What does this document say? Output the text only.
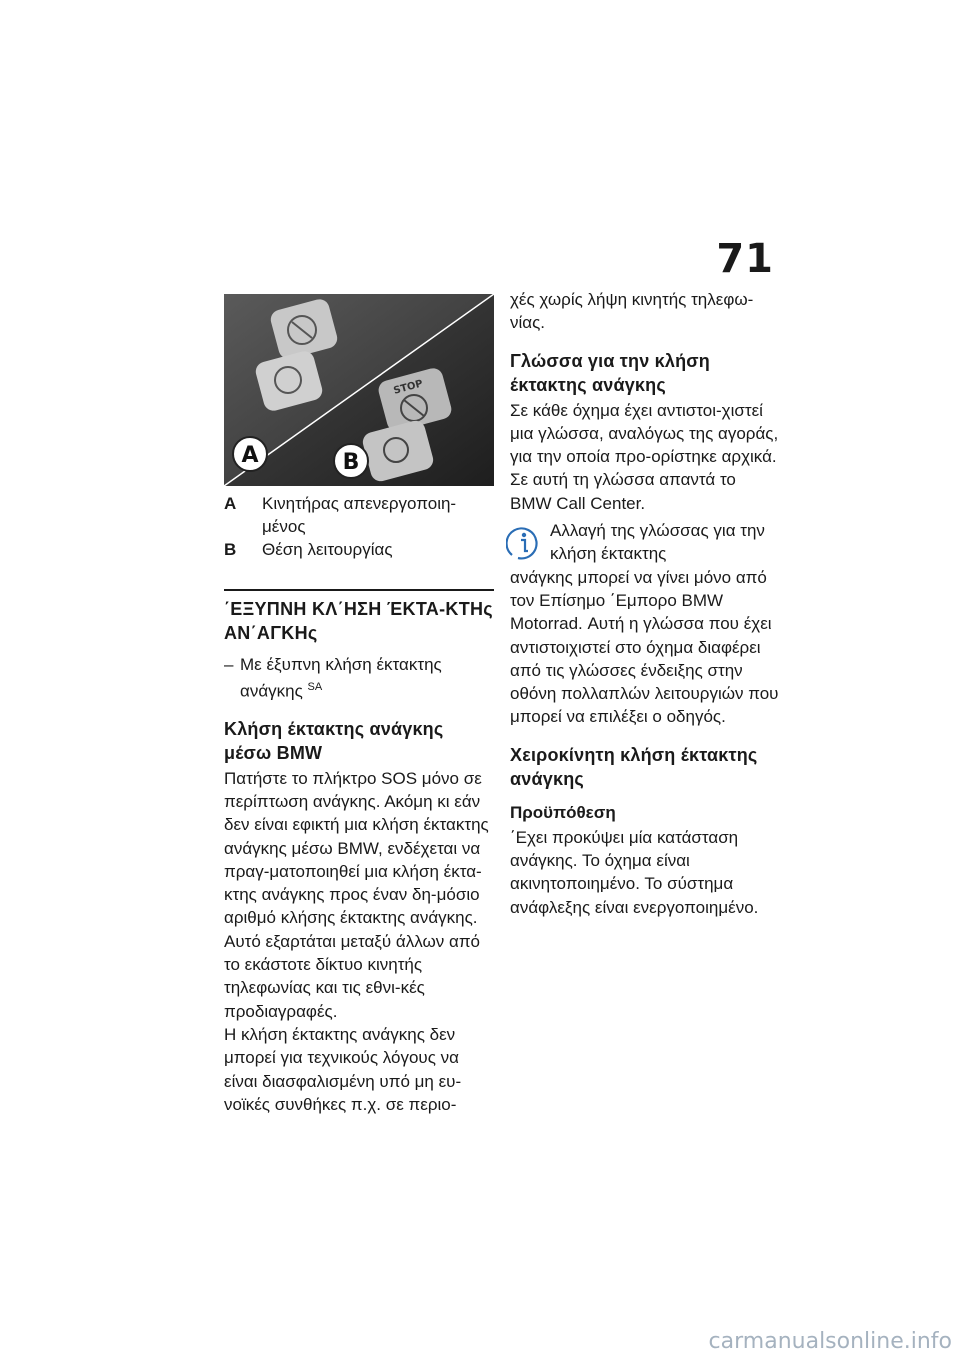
71
STOP
A	B
A	Κινητήρας απενεργοποιη-μένος
B	Θέση λειτουργίας
΄ΕΞΥΠΝΗ ΚΛ΄ΗΣΗ ΈΚΤΑ-ΚΤΗς ΑΝ΄ΑΓΚΗς
– Με έξυπνη κλήση έκτακτης ανάγκης $^{SA}$
Κλήση έκτακτης ανάγκης μέσω BMW

Πατήστε το πλήκτρο SOS μόνο σε περίπτωση ανάγκης. Ακόμη κι εάν δεν είναι εφικτή μια κλήση έκτακτης ανάγκης μέσω BMW, ενδέχεται να πραγ-ματοποιηθεί μια κλήση έκτα-κτης ανάγκης προς έναν δη-μόσιο αριθμό κλήσης έκτακτης ανάγκης. Αυτό εξαρτάται μεταξύ άλλων από το εκάστοτε δίκτυο κινητής τηλεφωνίας και τις εθνι-κές προδιαγραφές.

Η κλήση έκτακτης ανάγκης δεν μπορεί για τεχνικούς λόγους να είναι διασφαλισμένη υπό μη ευ-νοϊκές συνθήκες π.χ. σε περιο-

χές χωρίς λήψη κινητής τηλεφω-νίας.

Γλώσσα για την κλήση έκτακτης ανάγκης

Σε κάθε όχημα έχει αντιστοι-χιστεί μια γλώσσα, αναλόγως της αγοράς, για την οποία προ-ορίστηκε αρχικά. Σε αυτή τη γλώσσα απαντά το BMW Call Center.

Αλλαγή της γλώσσας για την κλήση έκτακτης

ανάγκης μπορεί να γίνει μόνο από τον Επίσημο ΄Εμπορο BMW Motorrad. Αυτή η γλώσσα που έχει αντιστοιχιστεί στο όχημα διαφέρει από τις γλώσσες ένδειξης στην οθόνη πολλαπλών λειτουργιών που μπορεί να επιλέξει ο οδηγός.

Χειροκίνητη κλήση έκτακτης ανάγκης
Προϋπόθεση

΄Εχει προκύψει μία κατάσταση ανάγκης. Το όχημα είναι ακινητοποιημένο. Το σύστημα ανάφλεξης είναι ενεργοποιημένο.

carmanualsonline.info
